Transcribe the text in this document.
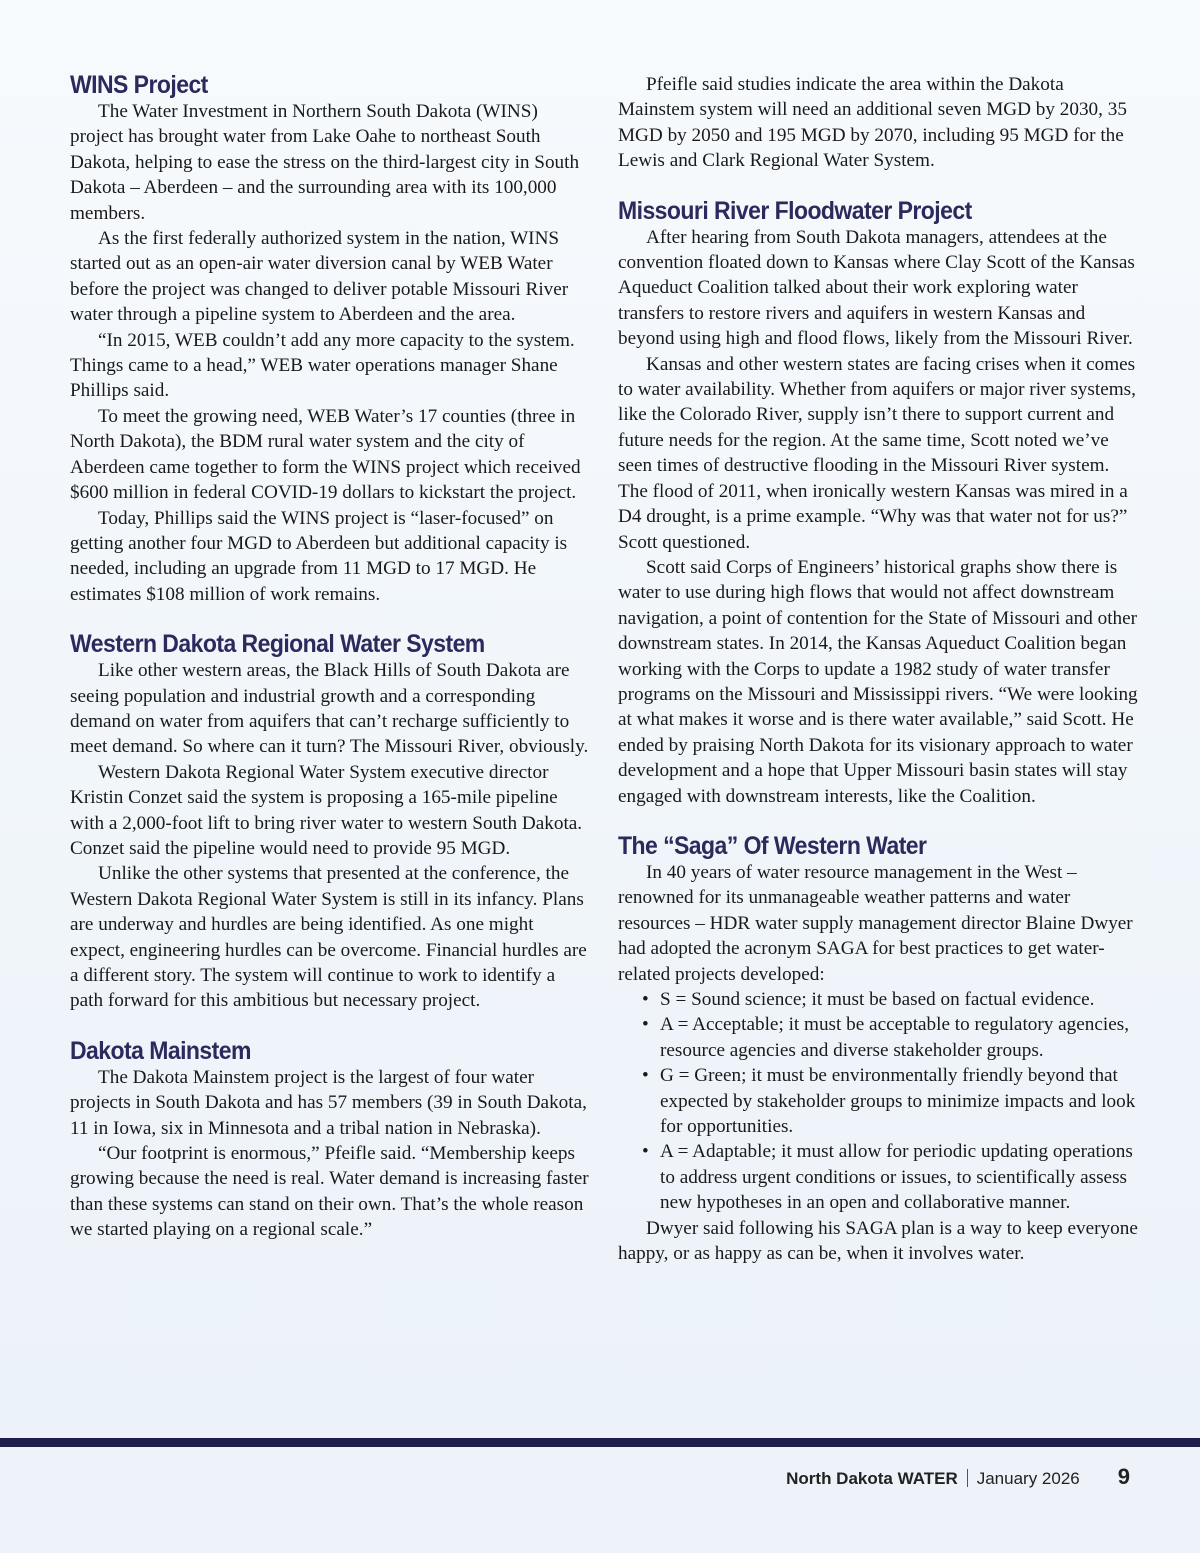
WINS Project

The Water Investment in Northern South Dakota (WINS) project has brought water from Lake Oahe to northeast South Dakota, helping to ease the stress on the third-largest city in South Dakota – Aberdeen – and the surrounding area with its 100,000 members.

As the first federally authorized system in the nation, WINS started out as an open-air water diversion canal by WEB Water before the project was changed to deliver potable Missouri River water through a pipeline system to Aberdeen and the area.

“In 2015, WEB couldn’t add any more capacity to the system. Things came to a head,” WEB water operations manager Shane Phillips said.

To meet the growing need, WEB Water’s 17 counties (three in North Dakota), the BDM rural water system and the city of Aberdeen came together to form the WINS project which received $600 million in federal COVID-19 dollars to kickstart the project.

Today, Phillips said the WINS project is “laser-focused” on getting another four MGD to Aberdeen but additional capacity is needed, including an upgrade from 11 MGD to 17 MGD. He estimates $108 million of work remains.

Western Dakota Regional Water System

Like other western areas, the Black Hills of South Dakota are seeing population and industrial growth and a corresponding demand on water from aquifers that can’t recharge sufficiently to meet demand. So where can it turn? The Missouri River, obviously.

Western Dakota Regional Water System executive director Kristin Conzet said the system is proposing a 165-mile pipeline with a 2,000-foot lift to bring river water to western South Dakota. Conzet said the pipeline would need to provide 95 MGD.

Unlike the other systems that presented at the conference, the Western Dakota Regional Water System is still in its infancy. Plans are underway and hurdles are being identified. As one might expect, engineering hurdles can be overcome. Financial hurdles are a different story. The system will continue to work to identify a path forward for this ambitious but necessary project.

Dakota Mainstem

The Dakota Mainstem project is the largest of four water projects in South Dakota and has 57 members (39 in South Dakota, 11 in Iowa, six in Minnesota and a tribal nation in Nebraska).

“Our footprint is enormous,” Pfeifle said. “Membership keeps growing because the need is real. Water demand is increasing faster than these systems can stand on their own. That’s the whole reason we started playing on a regional scale.”

Pfeifle said studies indicate the area within the Dakota Mainstem system will need an additional seven MGD by 2030, 35 MGD by 2050 and 195 MGD by 2070, including 95 MGD for the Lewis and Clark Regional Water System.

Missouri River Floodwater Project

After hearing from South Dakota managers, attendees at the convention floated down to Kansas where Clay Scott of the Kansas Aqueduct Coalition talked about their work exploring water transfers to restore rivers and aquifers in western Kansas and beyond using high and flood flows, likely from the Missouri River.

Kansas and other western states are facing crises when it comes to water availability. Whether from aquifers or major river systems, like the Colorado River, supply isn’t there to support current and future needs for the region. At the same time, Scott noted we’ve seen times of destructive flooding in the Missouri River system. The flood of 2011, when ironically western Kansas was mired in a D4 drought, is a prime example. “Why was that water not for us?” Scott questioned.

Scott said Corps of Engineers’ historical graphs show there is water to use during high flows that would not affect downstream navigation, a point of contention for the State of Missouri and other downstream states. In 2014, the Kansas Aqueduct Coalition began working with the Corps to update a 1982 study of water transfer programs on the Missouri and Mississippi rivers. “We were looking at what makes it worse and is there water available,” said Scott. He ended by praising North Dakota for its visionary approach to water development and a hope that Upper Missouri basin states will stay engaged with downstream interests, like the Coalition.

The “Saga” Of Western Water

In 40 years of water resource management in the West – renowned for its unmanageable weather patterns and water resources – HDR water supply management director Blaine Dwyer had adopted the acronym SAGA for best practices to get water-related projects developed:

• S = Sound science; it must be based on factual evidence.
• A = Acceptable; it must be acceptable to regulatory agencies, resource agencies and diverse stakeholder groups.
• G = Green; it must be environmentally friendly beyond that expected by stakeholder groups to minimize impacts and look for opportunities.
• A = Adaptable; it must allow for periodic updating operations to address urgent conditions or issues, to scientifically assess new hypotheses in an open and collaborative manner.

Dwyer said following his SAGA plan is a way to keep everyone happy, or as happy as can be, when it involves water.

North Dakota WATER January 2026 9
